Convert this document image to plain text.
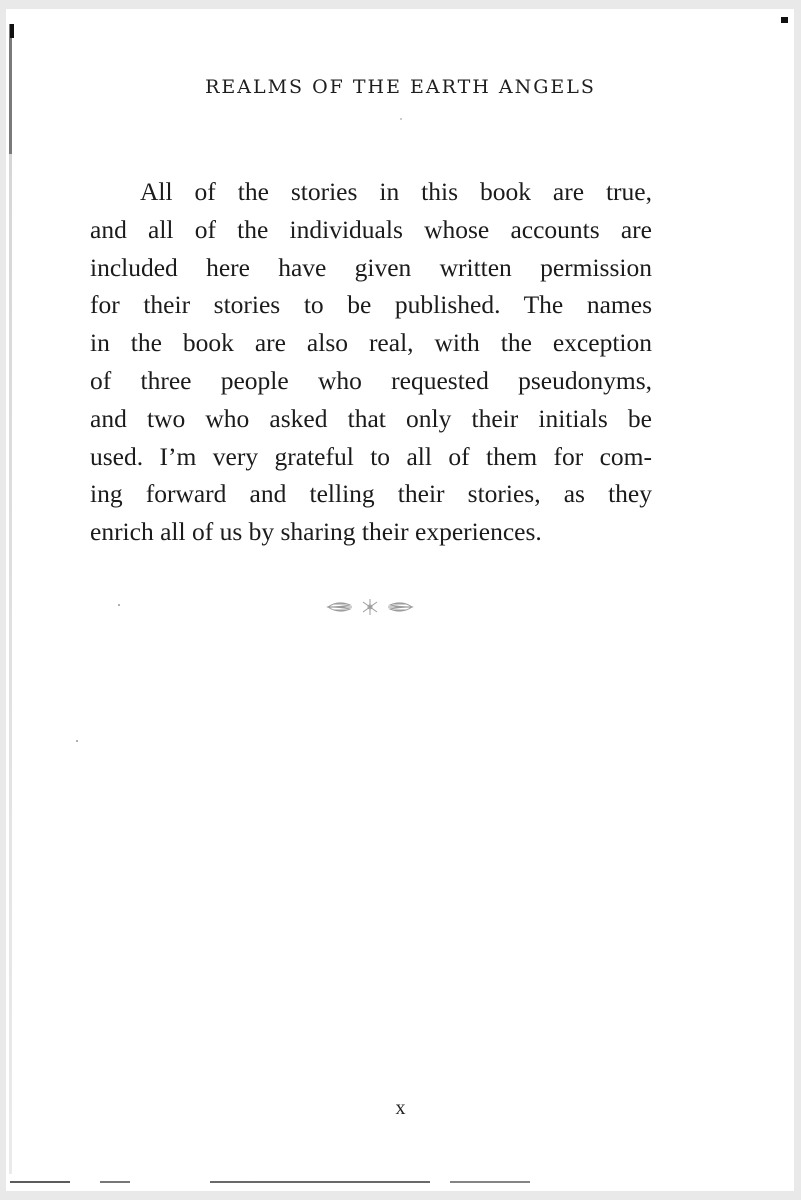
REALMS OF THE EARTH ANGELS
All of the stories in this book are true,
and all of the individuals whose accounts are
included here have given written permission
for their stories to be published. The names
in the book are also real, with the exception
of three people who requested pseudonyms,
and two who asked that only their initials be
used. I’m very grateful to all of them for com-
ing forward and telling their stories, as they
enrich all of us by sharing their experiences.
x
